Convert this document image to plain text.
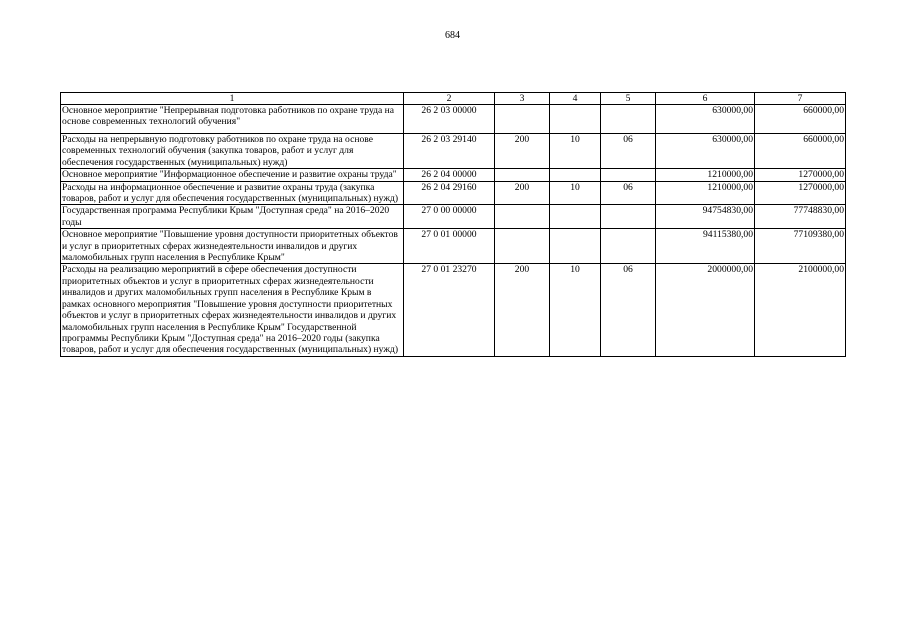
684
1	2	3	4	5	6	7
Основное мероприятие "Непрерывная подготовка работников по охране труда на основе современных технологий обучения"	26 2 03 00000				630000,00	660000,00
Расходы на непрерывную подготовку работников по охране труда на основе современных технологий обучения (закупка товаров, работ и услуг для обеспечения государственных (муниципальных) нужд)	26 2 03 29140	200	10	06	630000,00	660000,00
Основное мероприятие "Информационное обеспечение и развитие охраны труда"	26 2 04 00000				1210000,00	1270000,00
Расходы на информационное обеспечение и развитие охраны труда (закупка товаров, работ и услуг для обеспечения государственных (муниципальных) нужд)	26 2 04 29160	200	10	06	1210000,00	1270000,00
Государственная программа Республики Крым "Доступная среда" на 2016–2020 годы	27 0 00 00000				94754830,00	77748830,00
Основное мероприятие "Повышение уровня доступности приоритетных объектов и услуг в приоритетных сферах жизнедеятельности инвалидов и других маломобильных групп населения в Республике Крым"	27 0 01 00000				94115380,00	77109380,00
Расходы на реализацию мероприятий в сфере обеспечения доступности приоритетных объектов и услуг в приоритетных сферах жизнедеятельности инвалидов и других маломобильных групп населения в Республике Крым в рамках основного мероприятия "Повышение уровня доступности приоритетных объектов и услуг в приоритетных сферах жизнедеятельности инвалидов и других маломобильных групп населения в Республике Крым" Государственной программы Республики Крым "Доступная среда" на 2016–2020 годы (закупка товаров, работ и услуг для обеспечения государственных (муниципальных) нужд)	27 0 01 23270	200	10	06	2000000,00	2100000,00
